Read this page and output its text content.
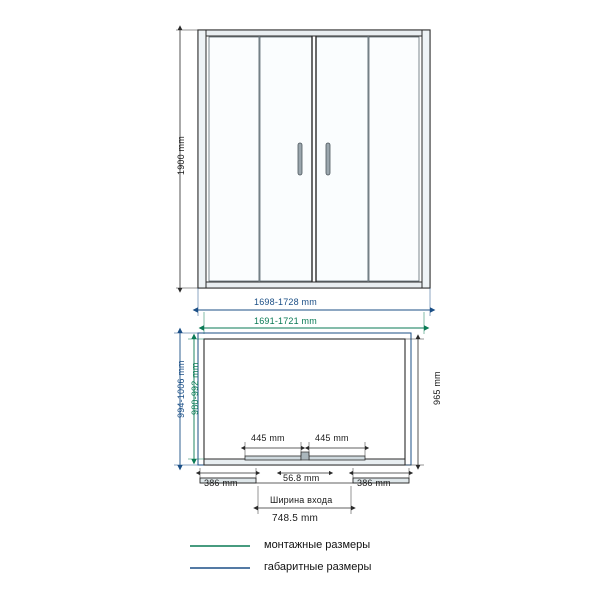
1900 mm
1698-1728 mm
1691-1721 mm
994-1006 mm 980-992 mm	965 mm
445 mm	445 mm
386 mm	56.8 mm	386 mm
Ширина входа
748.5 mm
монтажные размеры
габаритные размеры
